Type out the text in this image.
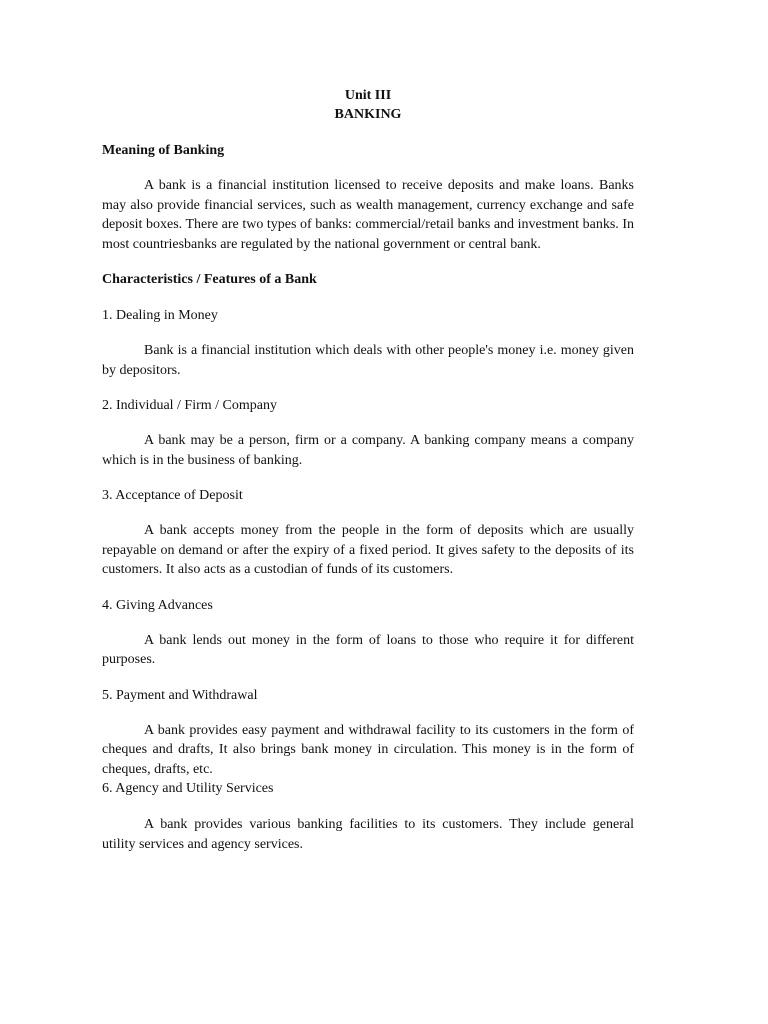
Unit III

BANKING

Meaning of Banking

A bank is a financial institution licensed to receive deposits and make loans. Banks may also provide financial services, such as wealth management, currency exchange and safe deposit boxes. There are two types of banks: commercial/retail banks and investment banks. In most countriesbanks are regulated by the national government or central bank.

Characteristics / Features of a Bank

1. Dealing in Money

Bank is a financial institution which deals with other people's money i.e. money given by depositors.

2. Individual / Firm / Company

A bank may be a person, firm or a company. A banking company means a company which is in the business of banking.

3. Acceptance of Deposit

A bank accepts money from the people in the form of deposits which are usually repayable on demand or after the expiry of a fixed period. It gives safety to the deposits of its customers. It also acts as a custodian of funds of its customers.

4. Giving Advances

A bank lends out money in the form of loans to those who require it for different purposes.

5. Payment and Withdrawal

A bank provides easy payment and withdrawal facility to its customers in the form of cheques and drafts, It also brings bank money in circulation. This money is in the form of cheques, drafts, etc.

6. Agency and Utility Services

A bank provides various banking facilities to its customers. They include general utility services and agency services.
